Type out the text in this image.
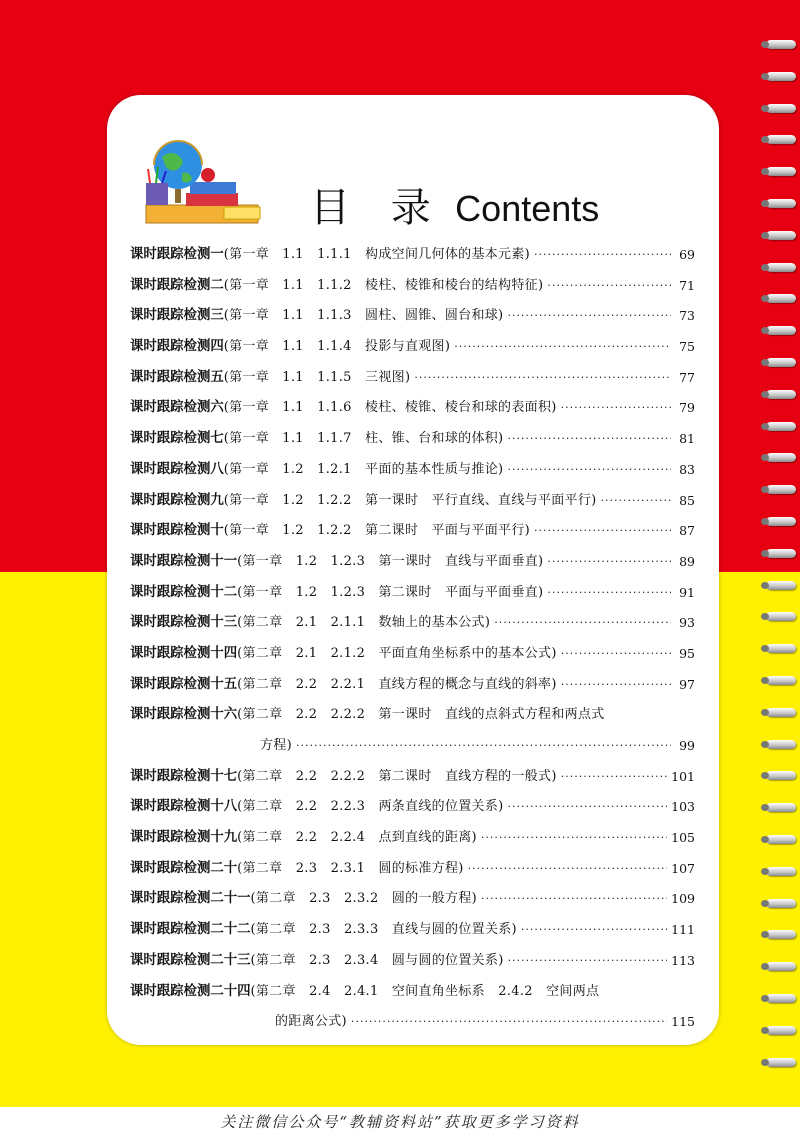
目 录 Contents
课时跟踪检测一 (第一章　1.1　1.1.1　构成空间几何体的基本元素) ·····	69
课时跟踪检测二 (第一章　1.1　1.1.2　棱柱、棱锥和棱台的结构特征) ·····	71
课时跟踪检测三 (第一章　1.1　1.1.3　圆柱、圆锥、圆台和球) ·····	73
课时跟踪检测四 (第一章　1.1　1.1.4　投影与直观图) ·····	75
课时跟踪检测五 (第一章　1.1　1.1.5　三视图) ·····	77
课时跟踪检测六 (第一章　1.1　1.1.6　棱柱、棱锥、棱台和球的表面积) ·····	79
课时跟踪检测七 (第一章　1.1　1.1.7　柱、锥、台和球的体积) ·····	81
课时跟踪检测八 (第一章　1.2　1.2.1　平面的基本性质与推论) ·····	83
课时跟踪检测九 (第一章　1.2　1.2.2　第一课时　平行直线、直线与平面平行) ·····	85
课时跟踪检测十 (第一章　1.2　1.2.2　第二课时　平面与平面平行) ·····	87
课时跟踪检测十一 (第一章　1.2　1.2.3　第一课时　直线与平面垂直) ·····	89
课时跟踪检测十二 (第一章　1.2　1.2.3　第二课时　平面与平面垂直) ·····	91
课时跟踪检测十三 (第二章　2.1　2.1.1　数轴上的基本公式) ·····	93
课时跟踪检测十四 (第二章　2.1　2.1.2　平面直角坐标系中的基本公式) ·····	95
课时跟踪检测十五 (第二章　2.2　2.2.1　直线方程的概念与直线的斜率) ·····	97
课时跟踪检测十六 (第二章　2.2　2.2.2　第一课时　直线的点斜式方程和两点式
方程) ·····	99
课时跟踪检测十七 (第二章　2.2　2.2.2　第二课时　直线方程的一般式) ·····	101
课时跟踪检测十八 (第二章　2.2　2.2.3　两条直线的位置关系) ·····	103
课时跟踪检测十九 (第二章　2.2　2.2.4　点到直线的距离) ·····	105
课时跟踪检测二十 (第二章　2.3　2.3.1　圆的标准方程) ·····	107
课时跟踪检测二十一 (第二章　2.3　2.3.2　圆的一般方程) ·····	109
课时跟踪检测二十二 (第二章　2.3　2.3.3　直线与圆的位置关系) ·····	111
课时跟踪检测二十三 (第二章　2.3　2.3.4　圆与圆的位置关系) ·····	113
课时跟踪检测二十四 (第二章　2.4　2.4.1　空间直角坐标系　2.4.2　空间两点
的距离公式) ·····	115
关注微信公众号“教辅资料站”获取更多学习资料
